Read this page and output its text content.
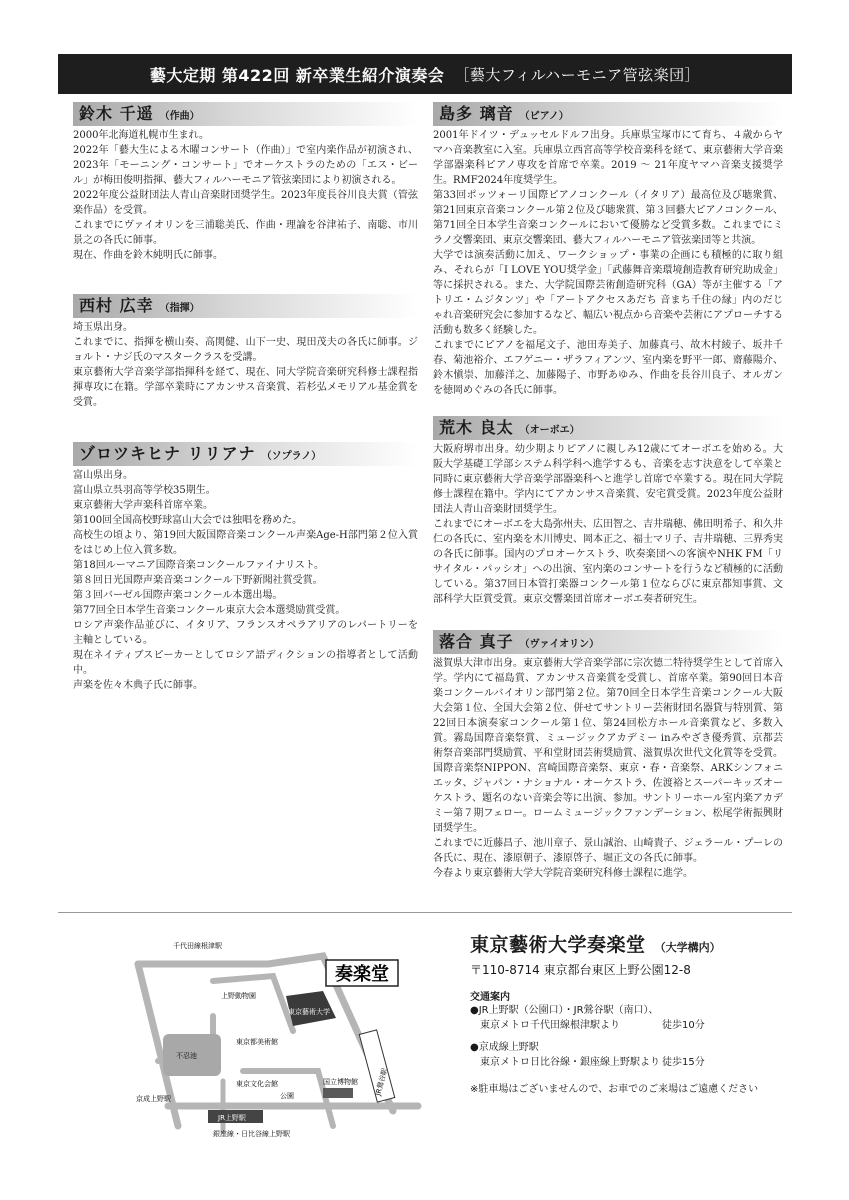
藝大定期 第422回 新卒業生紹介演奏会 ［藝大フィルハーモニア管弦楽団］
鈴木 千遥 （作曲）

2000年北海道札幌市生まれ。

2022年「藝大生による木曜コンサート（作曲）」で室内楽作品が初演され、2023年「モーニング・コンサート」でオーケストラのための「エス・ビール」が梅田俊明指揮、藝大フィルハーモニア管弦楽団により初演される。

2022年度公益財団法人青山音楽財団奨学生。2023年度長谷川良夫賞（管弦楽作品）を受賞。

これまでにヴァイオリンを三浦聡美氏、作曲・理論を谷津祐子、南聡、市川景之の各氏に師事。

現在、作曲を鈴木純明氏に師事。

西村 広幸 （指揮）

埼玉県出身。

これまでに、指揮を横山奏、高関健、山下一史、現田茂夫の各氏に師事。ジョルト・ナジ氏のマスタークラスを受講。

東京藝術大学音楽学部指揮科を経て、現在、同大学院音楽研究科修士課程指揮専攻に在籍。学部卒業時にアカンサス音楽賞、若杉弘メモリアル基金賞を受賞。

ゾロツキヒナ リリアナ （ソプラノ）

富山県出身。

富山県立呉羽高等学校35期生。

東京藝術大学声楽科首席卒業。

第100回全国高校野球富山大会では独唱を務めた。

高校生の頃より、第19回大阪国際音楽コンクール声楽Age-H部門第２位入賞をはじめ上位入賞多数。

第18回ルーマニア国際音楽コンクールファイナリスト。

第８回日光国際声楽音楽コンクール下野新聞社賞受賞。

第３回バーゼル国際声楽コンクール本選出場。

第77回全日本学生音楽コンクール東京大会本選奨励賞受賞。

ロシア声楽作品並びに、イタリア、フランスオペラアリアのレパートリーを主軸としている。

現在ネイティブスピーカーとしてロシア語ディクションの指導者として活動中。

声楽を佐々木典子氏に師事。

島多 璃音 （ピアノ）

2001年ドイツ・デュッセルドルフ出身。兵庫県宝塚市にて育ち、４歳からヤマハ音楽教室に入室。兵庫県立西宮高等学校音楽科を経て、東京藝術大学音楽学部器楽科ピアノ専攻を首席で卒業。2019 ～ 21年度ヤマハ音楽支援奨学生。RMF2024年度奨学生。

第33回ポッツォーリ国際ピアノコンクール（イタリア）最高位及び聴衆賞、第21回東京音楽コンクール第２位及び聴衆賞、第３回藝大ピアノコンクール、第71回全日本学生音楽コンクールにおいて優勝など受賞多数。これまでにミラノ交響楽団、東京交響楽団、藝大フィルハーモニア管弦楽団等と共演。

大学では演奏活動に加え、ワークショップ・事業の企画にも積極的に取り組み、それらが「I LOVE YOU奨学金」「武藤舞音楽環境創造教育研究助成金」等に採択される。また、大学院国際芸術創造研究科（GA）等が主催する「アトリエ・ムジタンツ」や「アートアクセスあだち 音まち千住の縁」内のだじゃれ音楽研究会に参加するなど、幅広い視点から音楽や芸術にアプローチする活動も数多く経験した。

これまでにピアノを福尾文子、池田寿美子、加藤真弓、故木村綾子、坂井千春、菊池裕介、エフゲニー・ザラフィアンツ、室内楽を野平一郎、齋藤陽介、鈴木愼崇、加藤洋之、加藤陽子、市野あゆみ、作曲を長谷川良子、オルガンを徳岡めぐみの各氏に師事。

荒木 良太 （オーボエ）

大阪府堺市出身。幼少期よりピアノに親しみ12歳にてオーボエを始める。大阪大学基礎工学部システム科学科へ進学するも、音楽を志す決意をして卒業と同時に東京藝術大学音楽学部器楽科へと進学し首席で卒業する。現在同大学院修士課程在籍中。学内にてアカンサス音楽賞、安宅賞受賞。2023年度公益財団法人青山音楽財団奨学生。

これまでにオーボエを大島弥州夫、広田智之、吉井瑞穂、佛田明希子、和久井仁の各氏に、室内楽を木川博史、岡本正之、福士マリ子、吉井瑞穂、三界秀実の各氏に師事。国内のプロオーケストラ、吹奏楽団への客演やNHK FM「リサイタル・パッシオ」への出演、室内楽のコンサートを行うなど積極的に活動している。第37回日本管打楽器コンクール第１位ならびに東京都知事賞、文部科学大臣賞受賞。東京交響楽団首席オーボエ奏者研究生。

落合 真子 （ヴァイオリン）

滋賀県大津市出身。東京藝術大学音楽学部に宗次德二特待奨学生として首席入学。学内にて福島賞、アカンサス音楽賞を受賞し、首席卒業。第90回日本音楽コンクールバイオリン部門第２位。第70回全日本学生音楽コンクール大阪大会第１位、全国大会第２位、併せてサントリー芸術財団名器貸与特別賞、第22回日本演奏家コンクール第１位、第24回松方ホール音楽賞など、多数入賞。霧島国際音楽祭賞、ミュージックアカデミー inみやざき優秀賞、京都芸術祭音楽部門奨励賞、平和堂財団芸術奨励賞、滋賀県次世代文化賞等を受賞。

国際音楽祭NIPPON、宮崎国際音楽祭、東京・春・音楽祭、ARKシンフォニエッタ、ジャパン・ナショナル・オーケストラ、佐渡裕とスーパーキッズオーケストラ、題名のない音楽会等に出演、参加。サントリーホール室内楽アカデミー第７期フェロー。ロームミュージックファンデーション、松尾学術振興財団奨学生。

これまでに近藤昌子、池川章子、景山誠治、山崎貴子、ジェラール・プーレの各氏に、現在、漆原朝子、漆原啓子、堀正文の各氏に師事。

今春より東京藝術大学大学院音楽研究科修士課程に進学。

奏楽堂
千代田線根津駅
上野動物園
不忍池
東京藝術大学
東京都美術館
国立博物館
東京文化会館
公園	JR鶯谷駅
JR上野駅
京成上野駅
銀座線・日比谷線上野駅
東京藝術大学奏楽堂 （大学構内）
〒110-8714 東京都台東区上野公園12-8
交通案内
●JR上野駅（公園口）・JR鶯谷駅（南口）、
東京メトロ千代田線根津駅より	徒歩10分
●京成線上野駅
東京メトロ日比谷線・銀座線上野駅より 徒歩15分
※駐車場はございませんので、お車でのご来場はご遠慮ください
